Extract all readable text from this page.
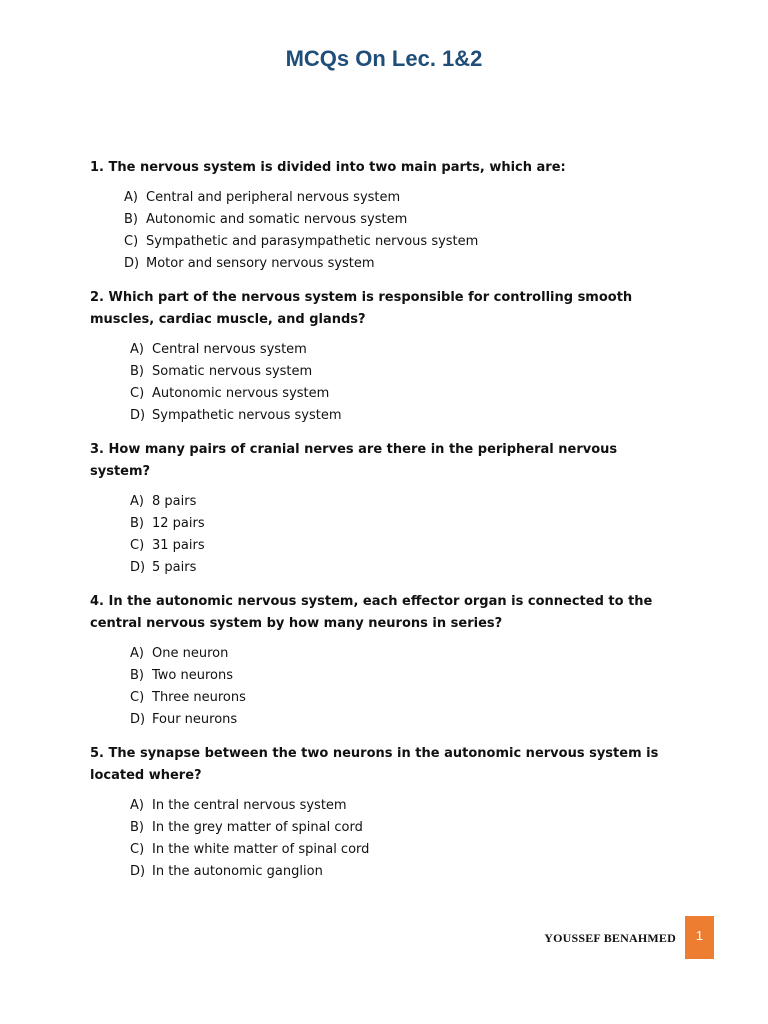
MCQs On Lec. 1&2

1. The nervous system is divided into two main parts, which are:

A) Central and peripheral nervous system
B) Autonomic and somatic nervous system
C) Sympathetic and parasympathetic nervous system
D) Motor and sensory nervous system

2. Which part of the nervous system is responsible for controlling smooth muscles, cardiac muscle, and glands?

A) Central nervous system
B) Somatic nervous system
C) Autonomic nervous system
D) Sympathetic nervous system

3. How many pairs of cranial nerves are there in the peripheral nervous system?

A) 8 pairs
B) 12 pairs
C) 31 pairs
D) 5 pairs

4. In the autonomic nervous system, each effector organ is connected to the central nervous system by how many neurons in series?

A) One neuron
B) Two neurons
C) Three neurons
D) Four neurons

5. The synapse between the two neurons in the autonomic nervous system is located where?

A) In the central nervous system
B) In the grey matter of spinal cord
C) In the white matter of spinal cord
D) In the autonomic ganglion
YOUSSEF BENAHMED	1
